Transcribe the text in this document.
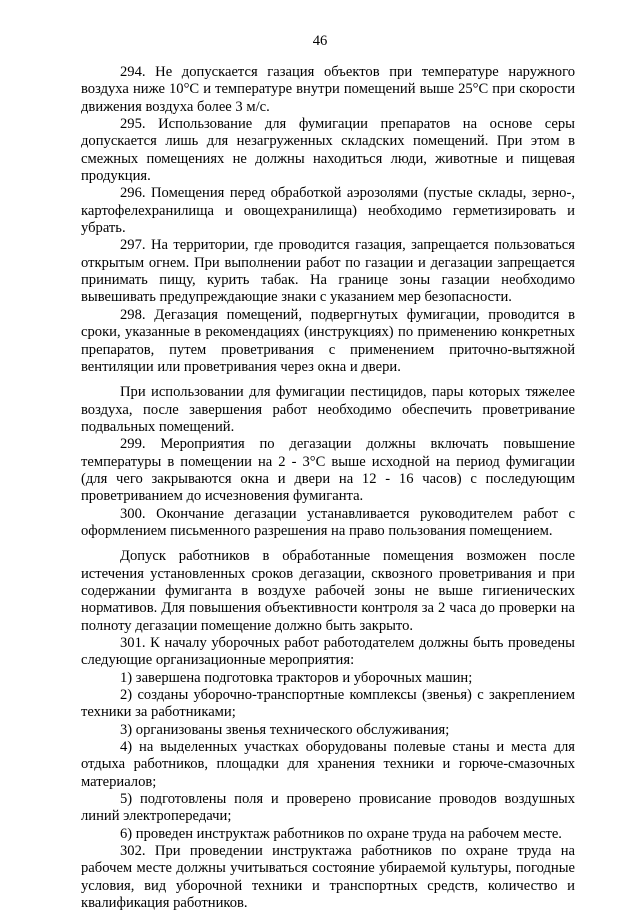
46

294. Не допускается газация объектов при температуре наружного воздуха ниже 10°С и температуре внутри помещений выше 25°С при скорости движения воздуха более 3 м/с.

295. Использование для фумигации препаратов на основе серы допускается лишь для незагруженных складских помещений. При этом в смежных помещениях не должны находиться люди, животные и пищевая продукция.

296. Помещения перед обработкой аэрозолями (пустые склады, зерно-, картофелехранилища и овощехранилища) необходимо герметизировать и убрать.

297. На территории, где проводится газация, запрещается пользоваться открытым огнем. При выполнении работ по газации и дегазации запрещается принимать пищу, курить табак. На границе зоны газации необходимо вывешивать предупреждающие знаки с указанием мер безопасности.

298. Дегазация помещений, подвергнутых фумигации, проводится в сроки, указанные в рекомендациях (инструкциях) по применению конкретных препаратов, путем проветривания с применением приточно-вытяжной вентиляции или проветривания через окна и двери.

При использовании для фумигации пестицидов, пары которых тяжелее воздуха, после завершения работ необходимо обеспечить проветривание подвальных помещений.

299. Мероприятия по дегазации должны включать повышение температуры в помещении на 2 - 3°С выше исходной на период фумигации (для чего закрываются окна и двери на 12 - 16 часов) с последующим проветриванием до исчезновения фумиганта.

300. Окончание дегазации устанавливается руководителем работ с оформлением письменного разрешения на право пользования помещением.

Допуск работников в обработанные помещения возможен после истечения установленных сроков дегазации, сквозного проветривания и при содержании фумиганта в воздухе рабочей зоны не выше гигиенических нормативов. Для повышения объективности контроля за 2 часа до проверки на полноту дегазации помещение должно быть закрыто.

301. К началу уборочных работ работодателем должны быть проведены следующие организационные мероприятия:

1) завершена подготовка тракторов и уборочных машин;

2) созданы уборочно-транспортные комплексы (звенья) с закреплением техники за работниками;

3) организованы звенья технического обслуживания;

4) на выделенных участках оборудованы полевые станы и места для отдыха работников, площадки для хранения техники и горюче-смазочных материалов;

5) подготовлены поля и проверено провисание проводов воздушных линий электропередачи;

6) проведен инструктаж работников по охране труда на рабочем месте.

302. При проведении инструктажа работников по охране труда на рабочем месте должны учитываться состояние убираемой культуры, погодные условия, вид уборочной техники и транспортных средств, количество и квалификация работников.
